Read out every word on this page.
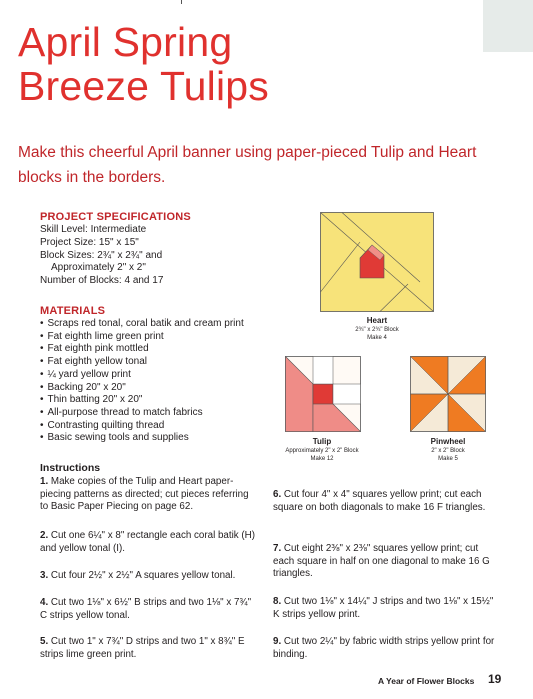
April Spring
Breeze Tulips

Make this cheerful April banner using paper-pieced Tulip and Heart blocks in the borders.

PROJECT SPECIFICATIONS
Skill Level: Intermediate
Project Size: 15" x 15"
Block Sizes: 2¾" x 2¾" and
Approximately 2" x 2"
Number of Blocks: 4 and 17
MATERIALS
• Scraps red tonal, coral batik and cream print
• Fat eighth lime green print
• Fat eighth pink mottled
• Fat eighth yellow tonal
• ¼ yard yellow print
• Backing 20" x 20"
• Thin batting 20" x 20"
• All-purpose thread to match fabrics
• Contrasting quilting thread
• Basic sewing tools and supplies
Instructions

1. Make copies of the Tulip and Heart paper-piecing patterns as directed; cut pieces referring to Basic Paper Piecing on page 62.

2. Cut one 6¼" x 8" rectangle each coral batik (H) and yellow tonal (I).

3. Cut four 2½" x 2½" A squares yellow tonal.

4. Cut two 1⅛" x 6½" B strips and two 1⅛" x 7¾" C strips yellow tonal.

5. Cut two 1" x 7¾" D strips and two 1" x 8¾" E strips lime green print.

6. Cut four 4" x 4" squares yellow print; cut each square on both diagonals to make 16 F triangles.

7. Cut eight 2⅜" x 2⅜" squares yellow print; cut each square in half on one diagonal to make 16 G triangles.

8. Cut two 1⅛" x 14¼" J strips and two 1⅛" x 15½" K strips yellow print.

9. Cut two 2¼" by fabric width strips yellow print for binding.

Heart
2¾" x 2¾" Block
Make 4
Tulip
Approximately 2" x 2" Block
Make 12
Pinwheel
2" x 2" Block
Make 5
A Year of Flower Blocks 19
